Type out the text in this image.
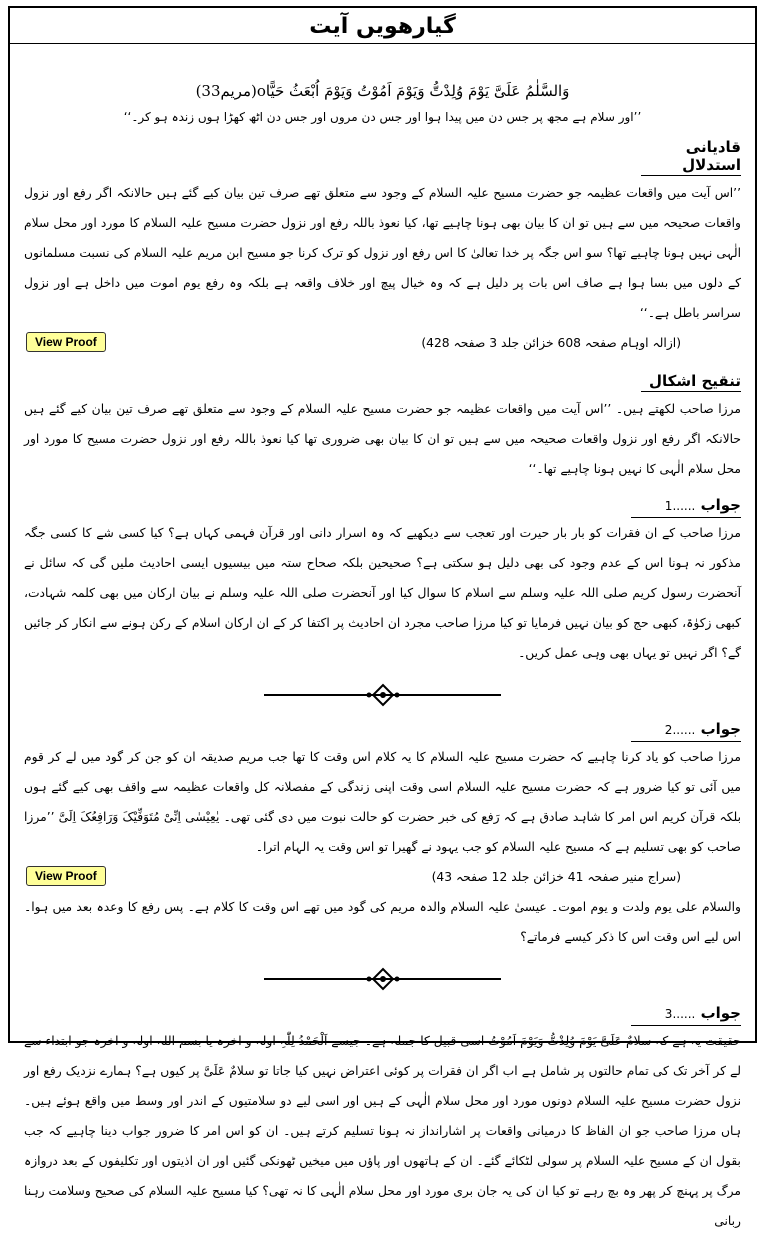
گیارھویں آیت
وَالسَّلٰمُ عَلَیَّ یَوْمَ وُلِدْتُّ وَیَوْمَ اَمُوْتُ وَیَوْمَ اُبْعَثُ حَیًّاo(مریم33)
’’اور سلام ہے مجھ پر جس دن میں پیدا ہوا اور جس دن مروں اور جس دن اٹھ کھڑا ہوں زندہ ہو کر۔‘‘
قادیانی استدلال

’’اس آیت میں واقعات عظیمہ جو حضرت مسیح علیہ السلام کے وجود سے متعلق تھے صرف تین بیان کیے گئے ہیں حالانکہ اگر رفع اور نزول واقعات صحیحہ میں سے ہیں تو ان کا بیان بھی ہونا چاہیے تھا، کیا نعوذ باللہ رفع اور نزول حضرت مسیح علیہ السلام کا مورد اور محل سلام الٰہی نہیں ہونا چاہیے تھا؟ سو اس جگہ پر خدا تعالیٰ کا اس رفع اور نزول کو ترک کرنا جو مسیح ابن مریم علیہ السلام کی نسبت مسلمانوں کے دلوں میں بسا ہوا ہے صاف اس بات پر دلیل ہے کہ وہ خیال پیچ اور خلاف واقعہ ہے بلکہ وہ رفع یوم اموت میں داخل ہے اور نزول سراسر باطل ہے۔‘‘

(ازالہ اوہام صفحہ 608 خزائن جلد 3 صفحہ 428)
View Proof
تنقیح اشکال

مرزا صاحب لکھتے ہیں۔ ’’اس آیت میں واقعات عظیمہ جو حضرت مسیح علیہ السلام کے وجود سے متعلق تھے صرف تین بیان کیے گئے ہیں حالانکہ اگر رفع اور نزول واقعات صحیحہ میں سے ہیں تو ان کا بیان بھی ضروری تھا کیا نعوذ باللہ رفع اور نزول حضرت مسیح کا مورد اور محل سلام الٰہی کا نہیں ہونا چاہیے تھا۔‘‘

جواب ......1

مرزا صاحب کے ان فقرات کو بار بار حیرت اور تعجب سے دیکھیے کہ وہ اسرار دانی اور قرآن فہمی کہاں ہے؟ کیا کسی شے کا کسی جگہ مذکور نہ ہونا اس کے عدم وجود کی بھی دلیل ہو سکتی ہے؟ صحیحین بلکہ صحاح ستہ میں بیسیوں ایسی احادیث ملیں گی کہ سائل نے آنحضرت رسول کریم صلی اللہ علیہ وسلم سے اسلام کا سوال کیا اور آنحضرت صلی اللہ علیہ وسلم نے بیان ارکان میں بھی کلمہ شہادت، کبھی زکوٰۃ، کبھی حج کو بیان نہیں فرمایا تو کیا مرزا صاحب مجرد ان احادیث پر اکتفا کر کے ان ارکان اسلام کے رکن ہونے سے انکار کر جائیں گے؟ اگر نہیں تو یہاں بھی وہی عمل کریں۔

جواب ......2

مرزا صاحب کو یاد کرنا چاہیے کہ حضرت مسیح علیہ السلام کا یہ کلام اس وقت کا تھا جب مریم صدیقہ ان کو جن کر گود میں لے کر قوم میں آئی تو کیا ضرور ہے کہ حضرت مسیح علیہ السلام اسی وقت اپنی زندگی کے مفصلانہ کل واقعات عظیمہ سے واقف بھی کیے گئے ہوں بلکہ قرآن کریم اس امر کا شاہد صادق ہے کہ رَفع کی خبر حضرت کو حالت نبوت میں دی گئی تھی۔ یٰعِیْسٰی اِنِّیْ مُتَوَفِّیْکَ وَرَافِعُکَ اِلَیَّ ’’مرزا صاحب کو بھی تسلیم ہے کہ مسیح علیہ السلام کو جب یہود نے گھیرا تو اس وقت یہ الہام اترا۔

(سراج منیر صفحہ 41 خزائن جلد 12 صفحہ 43)
View Proof

والسلام علی یوم ولدت و یوم اموت۔ عیسیٰ علیہ السلام والدہ مریم کی گود میں تھے اس وقت کا کلام ہے۔ پس رفع کا وعدہ بعد میں ہوا۔ اس لیے اس وقت اس کا ذکر کیسے فرماتے؟

جواب ......3

حقیقت یہ ہے کہ سلامٌ عَلَیَّ یَوْمَ وُلِدْتُّ وَیَوْمَ اَمُوْتُ اسی قبیل کا جملہ ہے۔ جیسے اَلْحَمْدُ لِلّٰہِ اولہ و اخرہ یا بسم اللہ اولہ و اخرہ جو ابتداء سے لے کر آخر تک کی تمام حالتوں پر شامل ہے اب اگر ان فقرات پر کوئی اعتراض نہیں کیا جاتا تو سلامٌ عَلَیَّ پر کیوں ہے؟ ہمارے نزدیک رفع اور نزول حضرت مسیح علیہ السلام دونوں مورد اور محل سلام الٰہی کے ہیں اور اسی لیے دو سلامتیوں کے اندر اور وسط میں واقع ہوئے ہیں۔ ہاں مرزا صاحب جو ان الفاظ کا درمیانی واقعات پر اشارانداز نہ ہونا تسلیم کرتے ہیں۔ ان کو اس امر کا ضرور جواب دینا چاہیے کہ جب بقول ان کے مسیح علیہ السلام پر سولی لٹکائے گئے۔ ان کے ہاتھوں اور پاؤں میں میخیں ٹھونکی گئیں اور ان اذیتوں اور تکلیفوں کے بعد دروازہ مرگ پر پہنچ کر پھر وہ بچ رہے تو کیا ان کی یہ جان بری مورد اور محل سلام الٰہی کا نہ تھی؟ کیا مسیح علیہ السلام کی صحیح وسلامت رہنا ربانی
